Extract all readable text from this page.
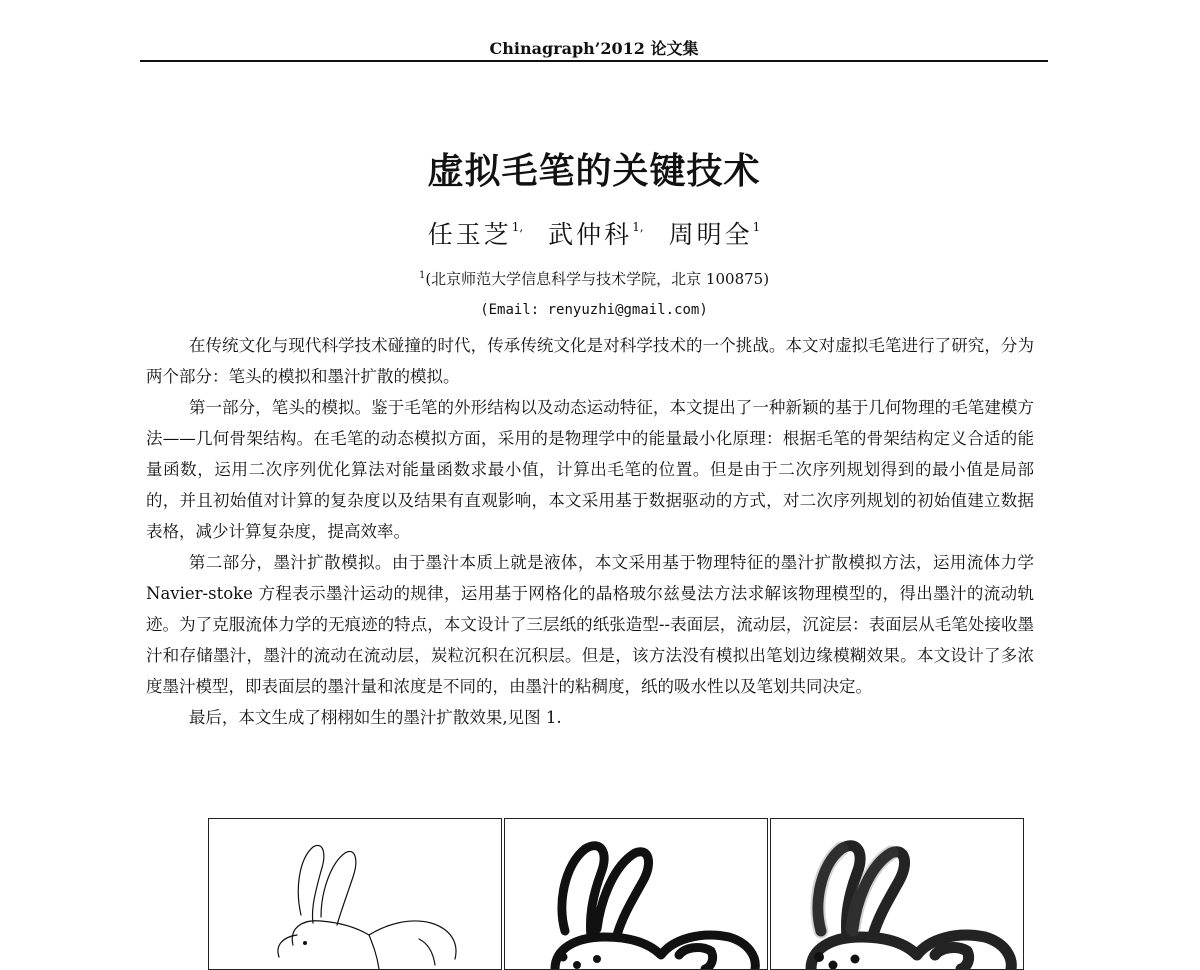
Chinagraph’2012 论文集
虚拟毛笔的关键技术
任玉芝$^{1,}$ 武仲科$^{1,}$ 周明全$^1$
$^1$(北京师范大学信息科学与技术学院，北京 100875)
(Email: renyuzhi@gmail.com)

在传统文化与现代科学技术碰撞的时代，传承传统文化是对科学技术的一个挑战。本文对虚拟毛笔进行了研究，分为两个部分：笔头的模拟和墨汁扩散的模拟。

第一部分，笔头的模拟。鉴于毛笔的外形结构以及动态运动特征，本文提出了一种新颖的基于几何物理的毛笔建模方法——几何骨架结构。在毛笔的动态模拟方面，采用的是物理学中的能量最小化原理：根据毛笔的骨架结构定义合适的能量函数，运用二次序列优化算法对能量函数求最小值，计算出毛笔的位置。但是由于二次序列规划得到的最小值是局部的，并且初始值对计算的复杂度以及结果有直观影响，本文采用基于数据驱动的方式，对二次序列规划的初始值建立数据表格，减少计算复杂度，提高效率。

第二部分，墨汁扩散模拟。由于墨汁本质上就是液体，本文采用基于物理特征的墨汁扩散模拟方法，运用流体力学 Navier-stoke 方程表示墨汁运动的规律，运用基于网格化的晶格玻尔兹曼法方法求解该物理模型的，得出墨汁的流动轨迹。为了克服流体力学的无痕迹的特点，本文设计了三层纸的纸张造型--表面层，流动层，沉淀层：表面层从毛笔处接收墨汁和存储墨汁，墨汁的流动在流动层，炭粒沉积在沉积层。但是，该方法没有模拟出笔划边缘模糊效果。本文设计了多浓度墨汁模型，即表面层的墨汁量和浓度是不同的，由墨汁的粘稠度，纸的吸水性以及笔划共同决定。

最后，本文生成了栩栩如生的墨汁扩散效果,见图 1.
